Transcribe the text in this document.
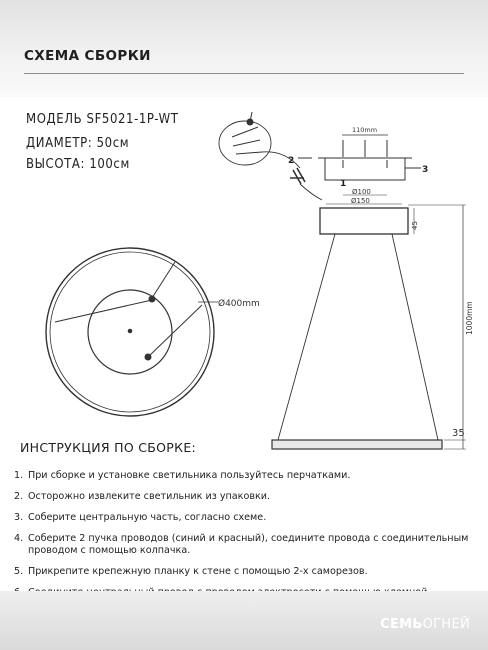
СХЕМА СБОРКИ
МОДЕЛЬ SF5021-1P-WT
ДИАМЕТР: 50см
ВЫСОТА: 100см
Ø400mm
110mm
Ø100
Ø150
45
1
2
3
1000mm
35
ИНСТРУКЦИЯ ПО СБОРКЕ:
1. При сборке и установке светильника пользуйтесь перчатками.
2. Осторожно извлеките светильник из упаковки.
3. Соберите центральную часть, согласно схеме.
4. Соберите 2 пучка проводов (синий и красный), соедините провода с соединительным проводом с помощью колпачка.
5. Прикрепите крепежную планку к стене с помощью 2-х саморезов.
СЕМЬОГНЕЙ
